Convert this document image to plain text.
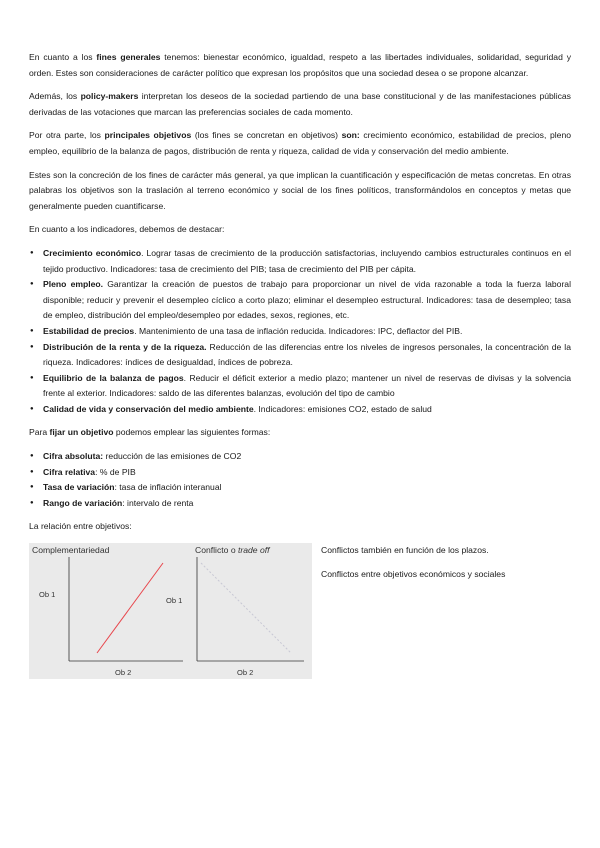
En cuanto a los fines generales tenemos: bienestar económico, igualdad, respeto a las libertades individuales, solidaridad, seguridad y orden. Estes son consideraciones de carácter político que expresan los propósitos que una sociedad desea o se propone alcanzar.

Además, los policy-makers interpretan los deseos de la sociedad partiendo de una base constitucional y de las manifestaciones públicas derivadas de las votaciones que marcan las preferencias sociales de cada momento.

Por otra parte, los principales objetivos (los fines se concretan en objetivos) son: crecimiento económico, estabilidad de precios, pleno empleo, equilibrio de la balanza de pagos, distribución de renta y riqueza, calidad de vida y conservación del medio ambiente.

Estes son la concreción de los fines de carácter más general, ya que implican la cuantificación y especificación de metas concretas. En otras palabras los objetivos son la traslación al terreno económico y social de los fines políticos, transformándolos en conceptos y metas que generalmente pueden cuantificarse.

En cuanto a los indicadores, debemos de destacar:

● Crecimiento económico. Lograr tasas de crecimiento de la producción satisfactorias, incluyendo cambios estructurales continuos en el tejido productivo. Indicadores: tasa de crecimiento del PIB; tasa de crecimiento del PIB per cápita.
● Pleno empleo. Garantizar la creación de puestos de trabajo para proporcionar un nivel de vida razonable a toda la fuerza laboral disponible; reducir y prevenir el desempleo cíclico a corto plazo; eliminar el desempleo estructural. Indicadores: tasa de desempleo; tasa de empleo, distribución del empleo/desempleo por edades, sexos, regiones, etc.
● Estabilidad de precios. Mantenimiento de una tasa de inflación reducida. Indicadores: IPC, deflactor del PIB.
● Distribución de la renta y de la riqueza. Reducción de las diferencias entre los niveles de ingresos personales, la concentración de la riqueza. Indicadores: índices de desigualdad, índices de pobreza.
● Equilibrio de la balanza de pagos. Reducir el déficit exterior a medio plazo; mantener un nivel de reservas de divisas y la solvencia frente al exterior. Indicadores: saldo de las diferentes balanzas, evolución del tipo de cambio
● Calidad de vida y conservación del medio ambiente. Indicadores: emisiones CO2, estado de salud

Para fijar un objetivo podemos emplear las siguientes formas:

● Cifra absoluta: reducción de las emisiones de CO2
● Cifra relativa: % de PIB
● Tasa de variación: tasa de inflación interanual
● Rango de variación: intervalo de renta

La relación entre objetivos:

Complementariedad	Conflicto o trade off
Ob 1
Ob 2
Ob 1
Ob 2

Conflictos también en función de los plazos.

Conflictos entre objetivos económicos y sociales
